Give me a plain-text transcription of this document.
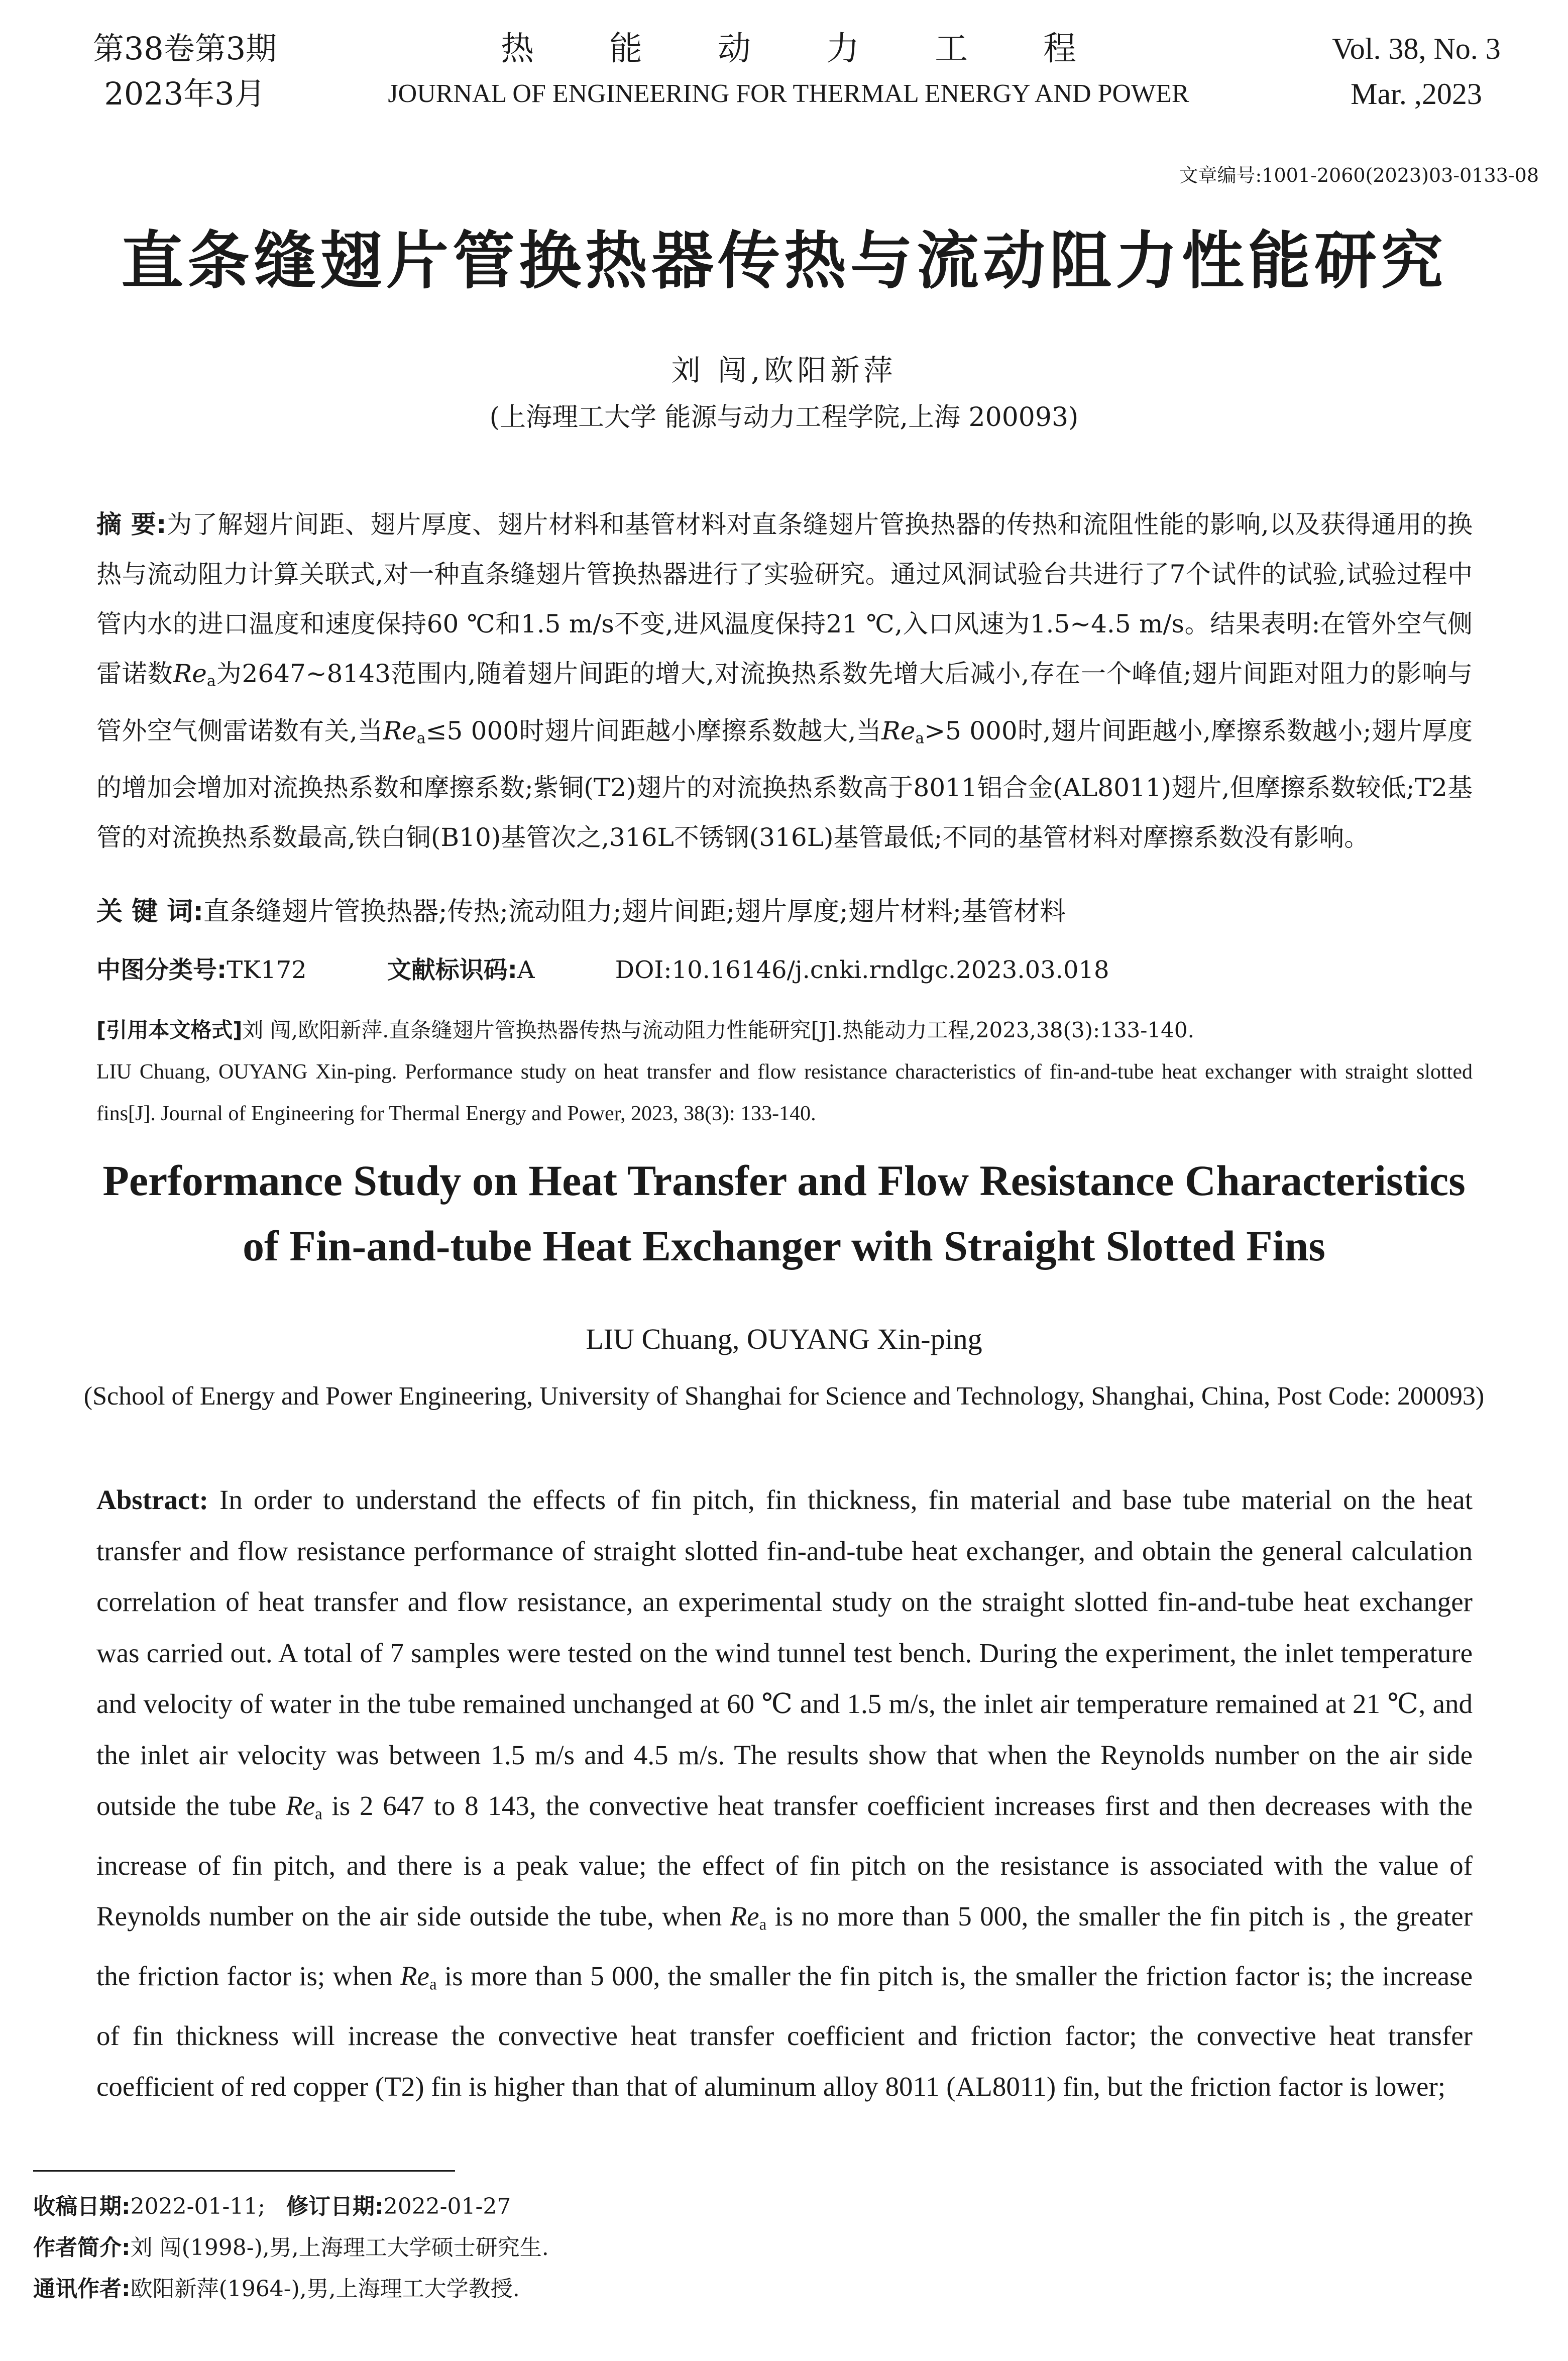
第38卷第3期
2023年3月
热能动力工程
JOURNAL OF ENGINEERING FOR THERMAL ENERGY AND POWER
Vol. 38, No. 3
Mar. ,2023
文章编号:1001-2060(2023)03-0133-08
直条缝翅片管换热器传热与流动阻力性能研究
刘 闯,欧阳新萍
(上海理工大学 能源与动力工程学院,上海 200093)
摘 要:为了解翅片间距、翅片厚度、翅片材料和基管材料对直条缝翅片管换热器的传热和流阻性能的影响,以及获得通用的换热与流动阻力计算关联式,对一种直条缝翅片管换热器进行了实验研究。通过风洞试验台共进行了7个试件的试验,试验过程中管内水的进口温度和速度保持60 ℃和1.5 m/s不变,进风温度保持21 ℃,入口风速为1.5~4.5 m/s。结果表明:在管外空气侧雷诺数$Re_a$为2647~8143范围内,随着翅片间距的增大,对流换热系数先增大后减小,存在一个峰值;翅片间距对阻力的影响与管外空气侧雷诺数有关,当$Re_a\le 5$ 000时翅片间距越小摩擦系数越大,当$Re_a>5$ 000时,翅片间距越小,摩擦系数越小;翅片厚度的增加会增加对流换热系数和摩擦系数;紫铜(T2)翅片的对流换热系数高于8011铝合金(AL8011)翅片,但摩擦系数较低;T2基管的对流换热系数最高,铁白铜(B10)基管次之,316L不锈钢(316L)基管最低;不同的基管材料对摩擦系数没有影响。
关 键 词:直条缝翅片管换热器;传热;流动阻力;翅片间距;翅片厚度;翅片材料;基管材料
中图分类号:TK172	文献标识码:A	DOI:10.16146/j.cnki.rndlgc.2023.03.018
[引用本文格式]刘 闯,欧阳新萍.直条缝翅片管换热器传热与流动阻力性能研究[J].热能动力工程,2023,38(3):133-140.
LIU Chuang, OUYANG Xin-ping. Performance study on heat transfer and flow resistance characteristics of fin-and-tube heat exchanger with straight slotted fins[J]. Journal of Engineering for Thermal Energy and Power, 2023, 38(3): 133-140.
Performance Study on Heat Transfer and Flow Resistance Characteristics
of Fin-and-tube Heat Exchanger with Straight Slotted Fins
LIU Chuang, OUYANG Xin-ping
(School of Energy and Power Engineering, University of Shanghai for Science and Technology, Shanghai, China, Post Code: 200093)
Abstract: In order to understand the effects of fin pitch, fin thickness, fin material and base tube material on the heat transfer and flow resistance performance of straight slotted fin-and-tube heat exchanger, and obtain the general calculation correlation of heat transfer and flow resistance, an experimental study on the straight slotted fin-and-tube heat exchanger was carried out. A total of 7 samples were tested on the wind tunnel test bench. During the experiment, the inlet temperature and velocity of water in the tube remained unchanged at 60 ℃ and 1.5 m/s, the inlet air temperature remained at 21 ℃, and the inlet air velocity was between 1.5 m/s and 4.5 m/s. The results show that when the Reynolds number on the air side outside the tube $Re_a$ is 2 647 to 8 143, the convective heat transfer coefficient increases first and then decreases with the increase of fin pitch, and there is a peak value; the effect of fin pitch on the resistance is associated with the value of Reynolds number on the air side outside the tube, when $Re_a$ is no more than 5 000, the smaller the fin pitch is , the greater the friction factor is; when $Re_a$ is more than 5 000, the smaller the fin pitch is, the smaller the friction factor is; the increase of fin thickness will increase the convective heat transfer coefficient and friction factor; the convective heat transfer coefficient of red copper (T2) fin is higher than that of aluminum alloy 8011 (AL8011) fin, but the friction factor is lower;
收稿日期:2022-01-11; 修订日期:2022-01-27
作者简介:刘 闯(1998-),男,上海理工大学硕士研究生.
通讯作者:欧阳新萍(1964-),男,上海理工大学教授.
